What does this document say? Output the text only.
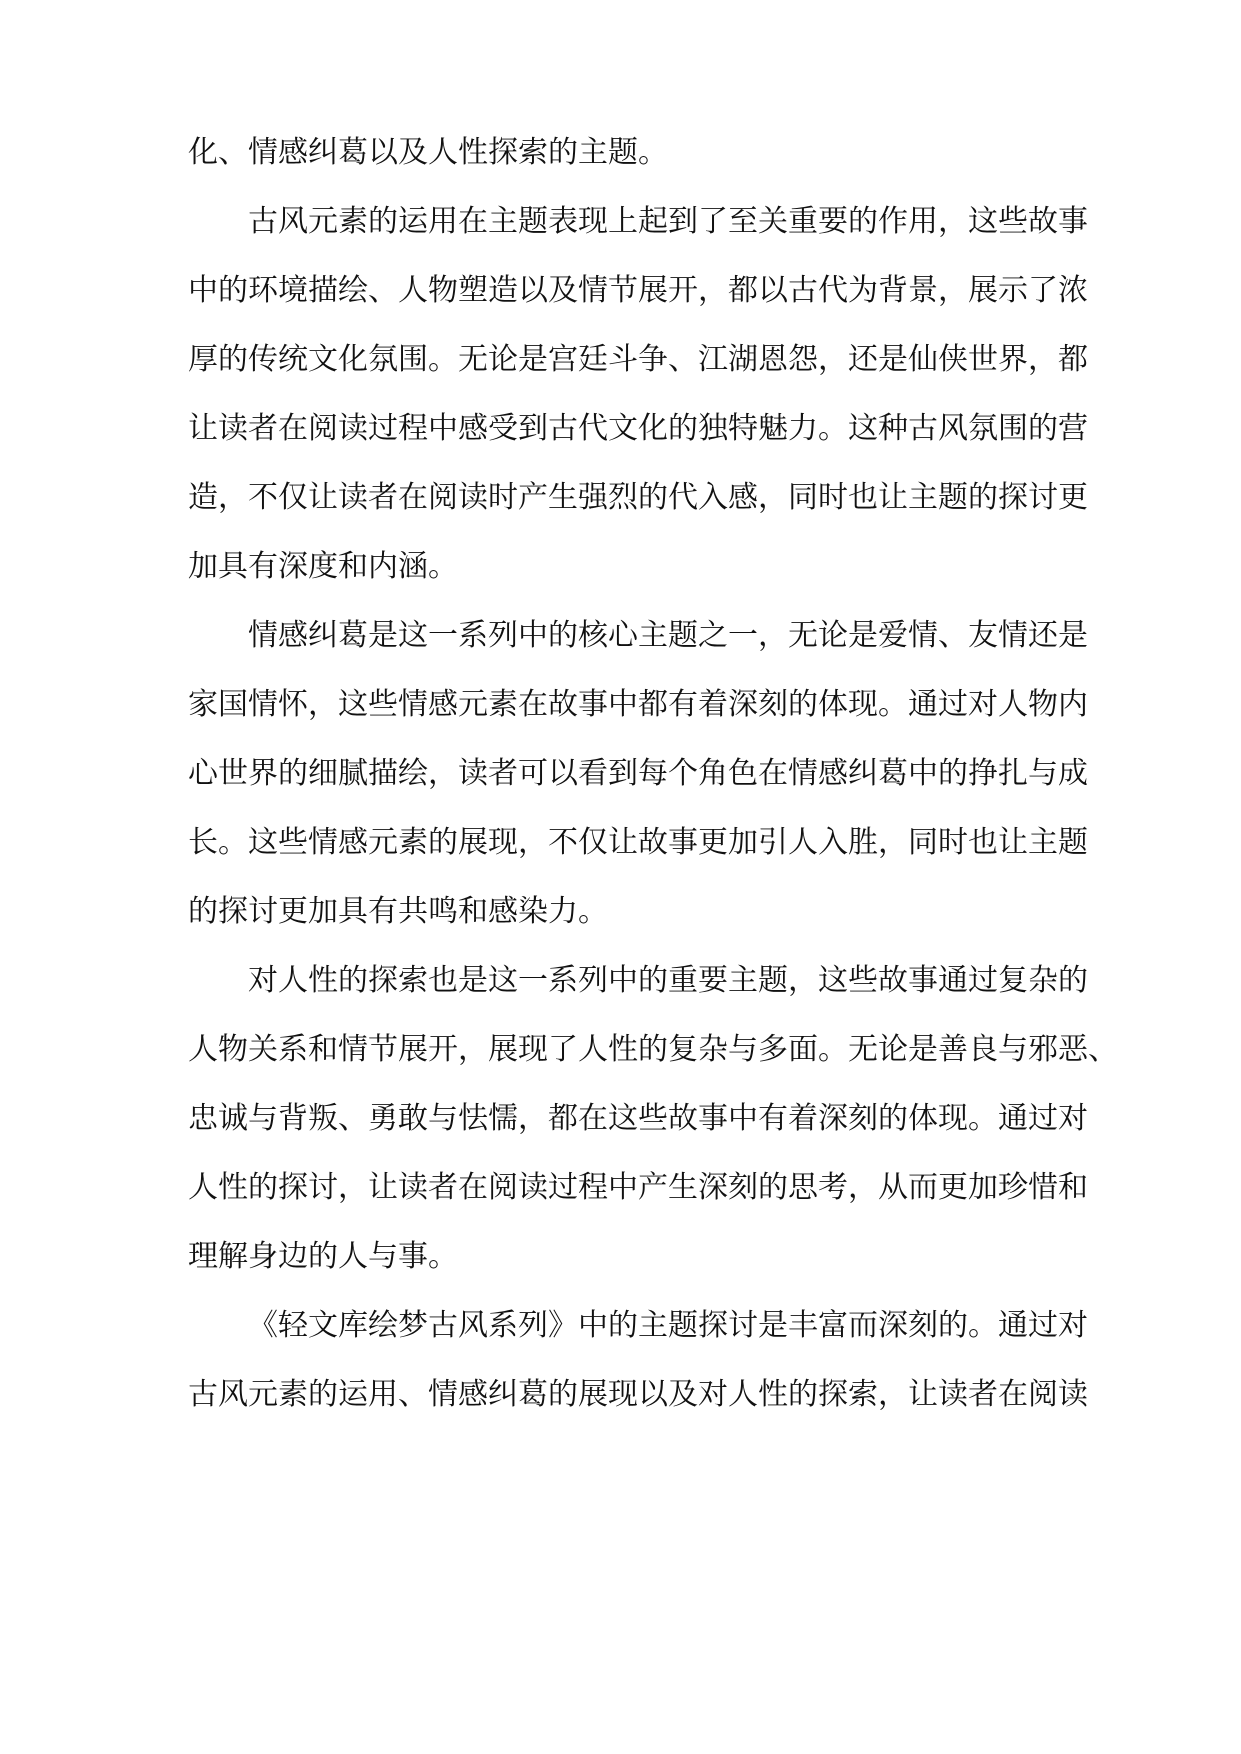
化、情感纠葛以及人性探索的主题。
古风元素的运用在主题表现上起到了至关重要的作用，这些故事
中的环境描绘、人物塑造以及情节展开，都以古代为背景，展示了浓
厚的传统文化氛围。无论是宫廷斗争、江湖恩怨，还是仙侠世界，都
让读者在阅读过程中感受到古代文化的独特魅力。这种古风氛围的营
造，不仅让读者在阅读时产生强烈的代入感，同时也让主题的探讨更
加具有深度和内涵。
情感纠葛是这一系列中的核心主题之一，无论是爱情、友情还是
家国情怀，这些情感元素在故事中都有着深刻的体现。通过对人物内
心世界的细腻描绘，读者可以看到每个角色在情感纠葛中的挣扎与成
长。这些情感元素的展现，不仅让故事更加引人入胜，同时也让主题
的探讨更加具有共鸣和感染力。
对人性的探索也是这一系列中的重要主题，这些故事通过复杂的
人物关系和情节展开，展现了人性的复杂与多面。无论是善良与邪恶、
忠诚与背叛、勇敢与怯懦，都在这些故事中有着深刻的体现。通过对
人性的探讨，让读者在阅读过程中产生深刻的思考，从而更加珍惜和
理解身边的人与事。
《轻文库绘梦古风系列》中的主题探讨是丰富而深刻的。通过对
古风元素的运用、情感纠葛的展现以及对人性的探索，让读者在阅读
